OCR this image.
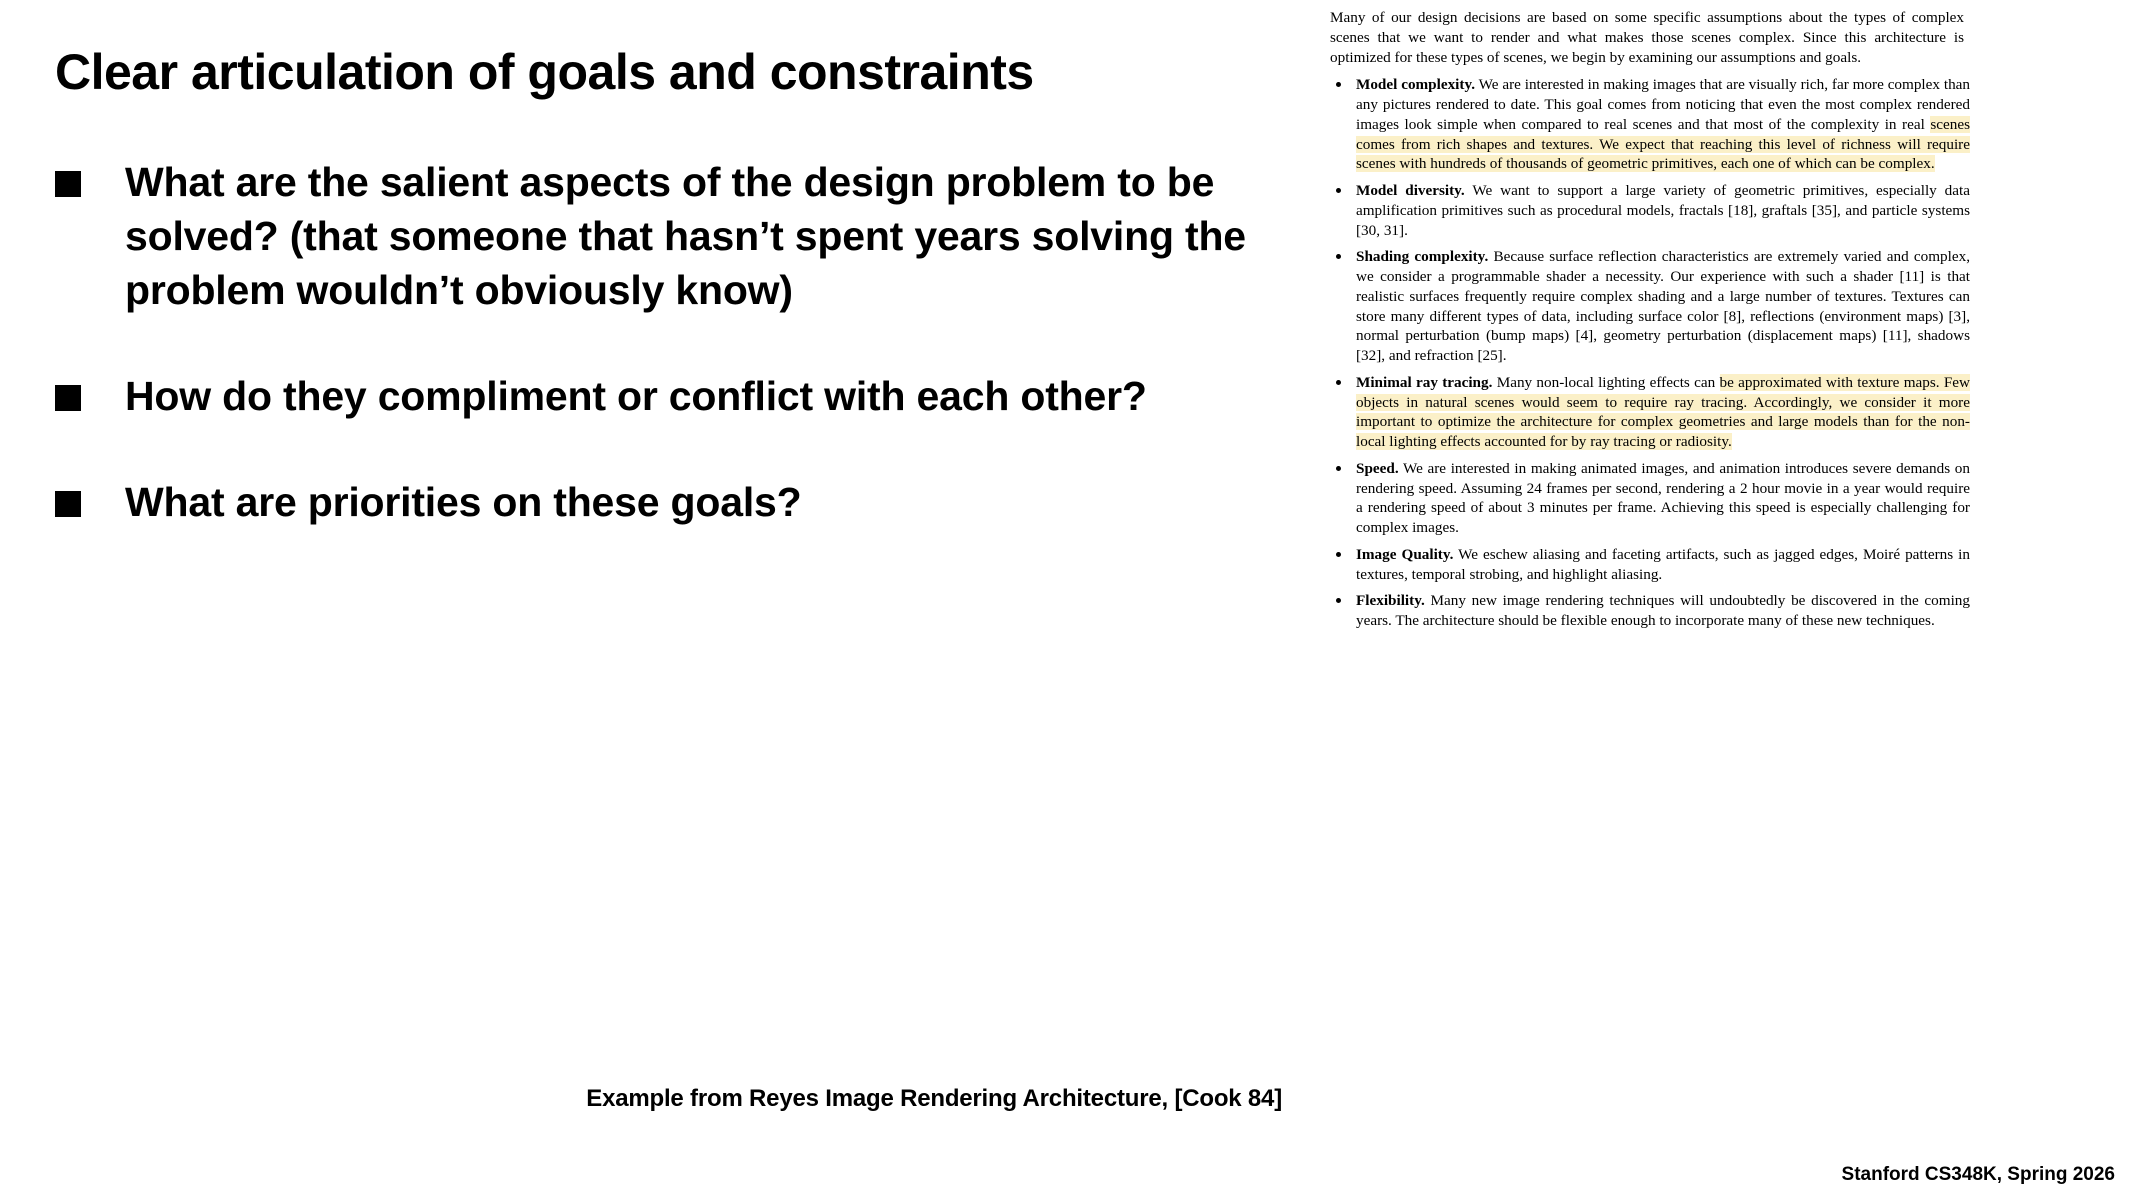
Clear articulation of goals and constraints
What are the salient aspects of the design problem to be solved? (that someone that hasn’t spent years solving the problem wouldn’t obviously know)
How do they compliment or conflict with each other?
What are priorities on these goals?
Example from Reyes Image Rendering Architecture, [Cook 84]

Many of our design decisions are based on some specific assumptions about the types of complex scenes that we want to render and what makes those scenes complex. Since this architecture is optimized for these types of scenes, we begin by examining our assumptions and goals.

Model complexity. We are interested in making images that are visually rich, far more complex than any pictures rendered to date. This goal comes from noticing that even the most complex rendered images look simple when compared to real scenes and that most of the complexity in real scenes comes from rich shapes and textures. We expect that reaching this level of richness will require scenes with hundreds of thousands of geometric primitives, each one of which can be complex.
Model diversity. We want to support a large variety of geometric primitives, especially data amplification primitives such as procedural models, fractals [18], graftals [35], and particle systems [30, 31].
Shading complexity. Because surface reflection characteristics are extremely varied and complex, we consider a programmable shader a necessity. Our experience with such a shader [11] is that realistic surfaces frequently require complex shading and a large number of textures. Textures can store many different types of data, including surface color [8], reflections (environment maps) [3], normal perturbation (bump maps) [4], geometry perturbation (displacement maps) [11], shadows [32], and refraction [25].
Minimal ray tracing. Many non-local lighting effects can be approximated with texture maps. Few objects in natural scenes would seem to require ray tracing. Accordingly, we consider it more important to optimize the architecture for complex geometries and large models than for the non-local lighting effects accounted for by ray tracing or radiosity.
Speed. We are interested in making animated images, and animation introduces severe demands on rendering speed. Assuming 24 frames per second, rendering a 2 hour movie in a year would require a rendering speed of about 3 minutes per frame. Achieving this speed is especially challenging for complex images.
Image Quality. We eschew aliasing and faceting artifacts, such as jagged edges, Moiré patterns in textures, temporal strobing, and highlight aliasing.
Flexibility. Many new image rendering techniques will undoubtedly be discovered in the coming years. The architecture should be flexible enough to incorporate many of these new techniques.
Stanford CS348K, Spring 2026
